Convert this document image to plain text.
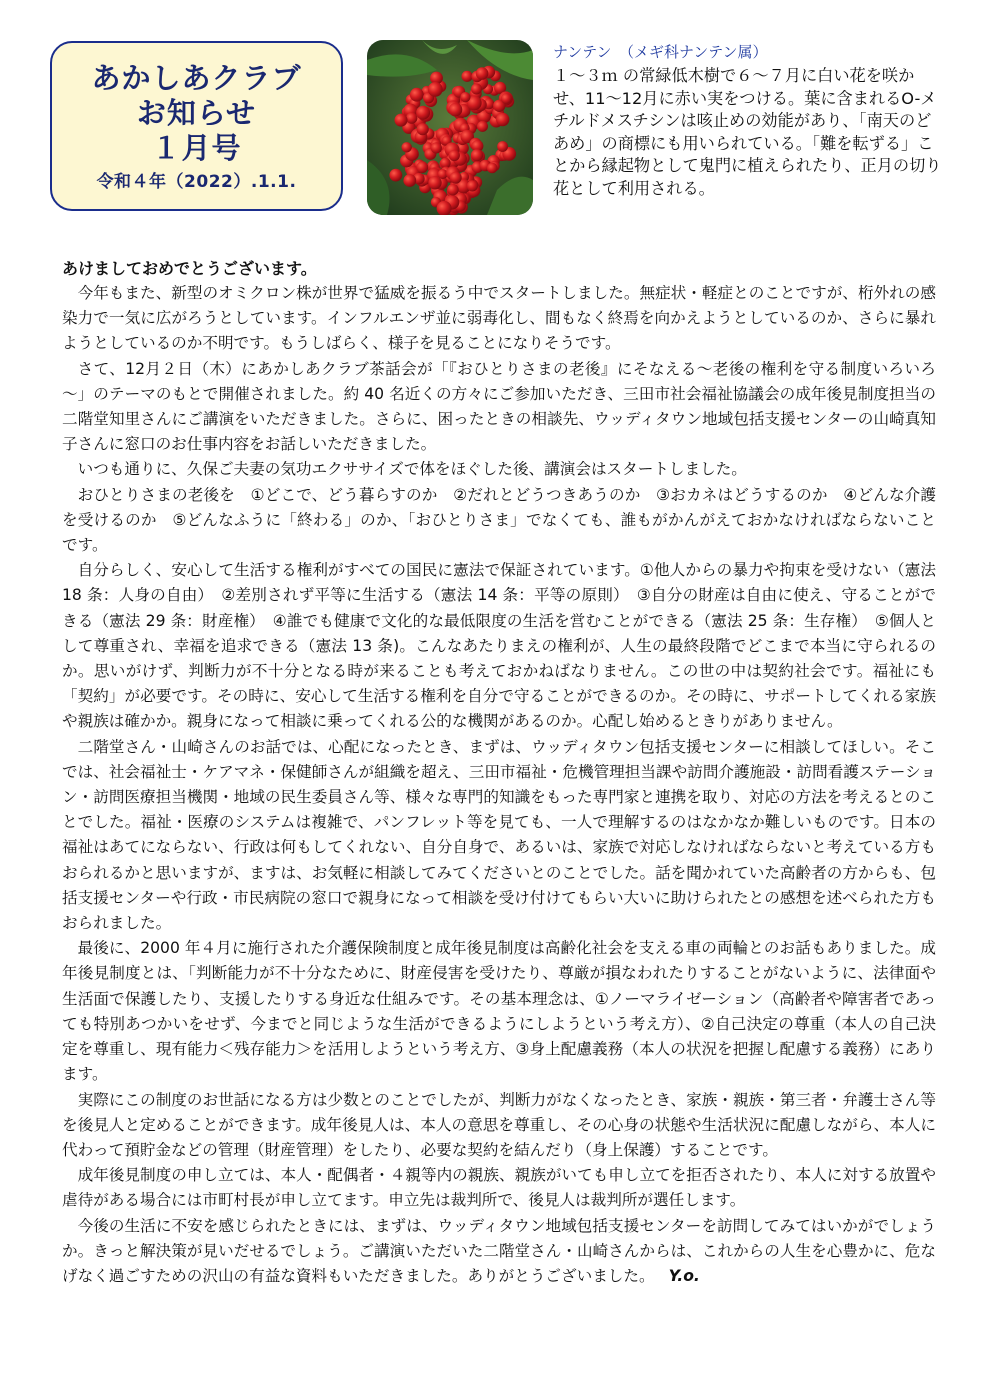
あかしあクラブ
お知らせ
１月号
令和４年（2022）.1.1.
ナンテン　（メギ科ナンテン属）
１～３ｍ の常緑低木樹で６～７月に白い花を咲かせ、11～12月に赤い実をつける。葉に含まれるO-メチルドメスチシンは咳止めの効能があり、「南天のどあめ」の商標にも用いられている。「難を転ずる」ことから縁起物として鬼門に植えられたり、正月の切り花として利用される。
あけましておめでとうございます。

今年もまた、新型のオミクロン株が世界で猛威を振るう中でスタートしました。無症状・軽症とのことですが、桁外れの感染力で一気に広がろうとしています。インフルエンザ並に弱毒化し、間もなく終焉を向かえようとしているのか、さらに暴れようとしているのか不明です。もうしばらく、様子を見ることになりそうです。

さて、12月２日（木）にあかしあクラブ茶話会が「『おひとりさまの老後』にそなえる～老後の権利を守る制度いろいろ～」のテーマのもとで開催されました。約 40 名近くの方々にご参加いただき、三田市社会福祉協議会の成年後見制度担当の二階堂知里さんにご講演をいただきました。さらに、困ったときの相談先、ウッディタウン地域包括支援センターの山崎真知子さんに窓口のお仕事内容をお話しいただきました。

いつも通りに、久保ご夫妻の気功エクササイズで体をほぐした後、講演会はスタートしました。

おひとりさまの老後を　①どこで、どう暮らすのか　②だれとどうつきあうのか　③おカネはどうするのか　④どんな介護を受けるのか　⑤どんなふうに「終わる」のか、「おひとりさま」でなくても、誰もがかんがえておかなければならないことです。

自分らしく、安心して生活する権利がすべての国民に憲法で保証されています。①他人からの暴力や拘束を受けない（憲法 18 条：人身の自由）　②差別されず平等に生活する（憲法 14 条：平等の原則）　③自分の財産は自由に使え、守ることができる（憲法 29 条：財産権）　④誰でも健康で文化的な最低限度の生活を営むことができる（憲法 25 条：生存権）　⑤個人として尊重され、幸福を追求できる（憲法 13 条)。こんなあたりまえの権利が、人生の最終段階でどこまで本当に守られるのか。思いがけず、判断力が不十分となる時が来ることも考えておかねばなりません。この世の中は契約社会です。福祉にも「契約」が必要です。その時に、安心して生活する権利を自分で守ることができるのか。その時に、サポートしてくれる家族や親族は確かか。親身になって相談に乗ってくれる公的な機関があるのか。心配し始めるときりがありません。

二階堂さん・山崎さんのお話では、心配になったとき、まずは、ウッディタウン包括支援センターに相談してほしい。そこでは、社会福祉士・ケアマネ・保健師さんが組織を超え、三田市福祉・危機管理担当課や訪問介護施設・訪問看護ステーション・訪問医療担当機関・地域の民生委員さん等、様々な専門的知識をもった専門家と連携を取り、対応の方法を考えるとのことでした。福祉・医療のシステムは複雑で、パンフレット等を見ても、一人で理解するのはなかなか難しいものです。日本の福祉はあてにならない、行政は何もしてくれない、自分自身で、あるいは、家族で対応しなければならないと考えている方もおられるかと思いますが、ますは、お気軽に相談してみてくださいとのことでした。話を聞かれていた高齢者の方からも、包括支援センターや行政・市民病院の窓口で親身になって相談を受け付けてもらい大いに助けられたとの感想を述べられた方もおられました。

最後に、2000 年４月に施行された介護保険制度と成年後見制度は高齢化社会を支える車の両輪とのお話もありました。成年後見制度とは、「判断能力が不十分なために、財産侵害を受けたり、尊厳が損なわれたりすることがないように、法律面や生活面で保護したり、支援したりする身近な仕組みです。その基本理念は、①ノーマライゼーション（高齢者や障害者であっても特別あつかいをせず、今までと同じような生活ができるようにしようという考え方）、②自己決定の尊重（本人の自己決定を尊重し、現有能力＜残存能力＞を活用しようという考え方、③身上配慮義務（本人の状況を把握し配慮する義務）にあります。

実際にこの制度のお世話になる方は少数とのことでしたが、判断力がなくなったとき、家族・親族・第三者・弁護士さん等を後見人と定めることができます。成年後見人は、本人の意思を尊重し、その心身の状態や生活状況に配慮しながら、本人に代わって預貯金などの管理（財産管理）をしたり、必要な契約を結んだり（身上保護）することです。

成年後見制度の申し立ては、本人・配偶者・４親等内の親族、親族がいても申し立てを拒否されたり、本人に対する放置や虐待がある場合には市町村長が申し立てます。申立先は裁判所で、後見人は裁判所が選任します。

今後の生活に不安を感じられたときには、まずは、ウッディタウン地域包括支援センターを訪問してみてはいかがでしょうか。きっと解決策が見いだせるでしょう。ご講演いただいた二階堂さん・山崎さんからは、これからの人生を心豊かに、危なげなく過ごすための沢山の有益な資料もいただきました。ありがとうございました。 Y.o.
